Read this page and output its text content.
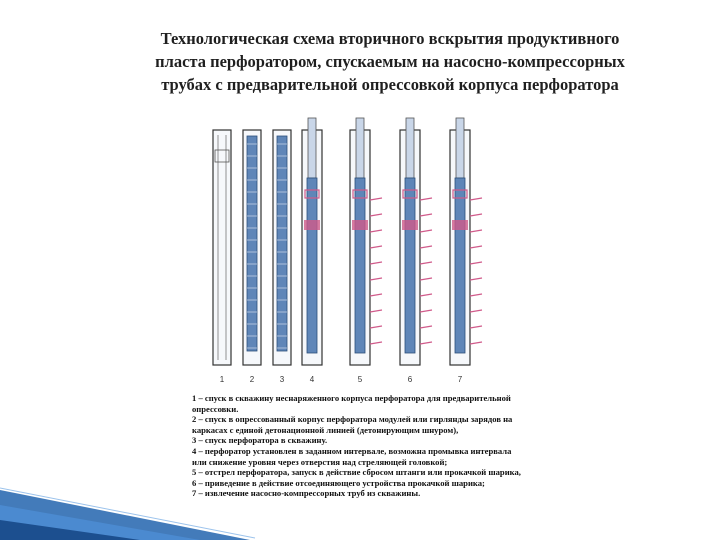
Технологическая схема вторичного вскрытия продуктивного
пласта перфоратором, спускаемым на насосно-компрессорных
трубах с предварительной опрессовкой корпуса перфоратора
1	2	3	4	5	6	7
1 – спуск в скважину неснаряженного корпуса перфоратора для предварительной
опрессовки.
2 – спуск в опрессованный корпус перфоратора модулей или гирлянды зарядов на
каркасах с единой детонационной линией (детонирующим шнуром),
3 – спуск перфоратора в скважину.
4 – перфоратор установлен в заданном интервале, возможна промывка интервала
или снижение уровня через отверстия над стреляющей головкой;
5 – отстрел перфоратора, запуск в действие сбросом штанги или прокачкой шарика,
6 – приведение в действие отсоединяющего устройства прокачкой шарика;
7 – извлечение насосно-компрессорных труб из скважины.
